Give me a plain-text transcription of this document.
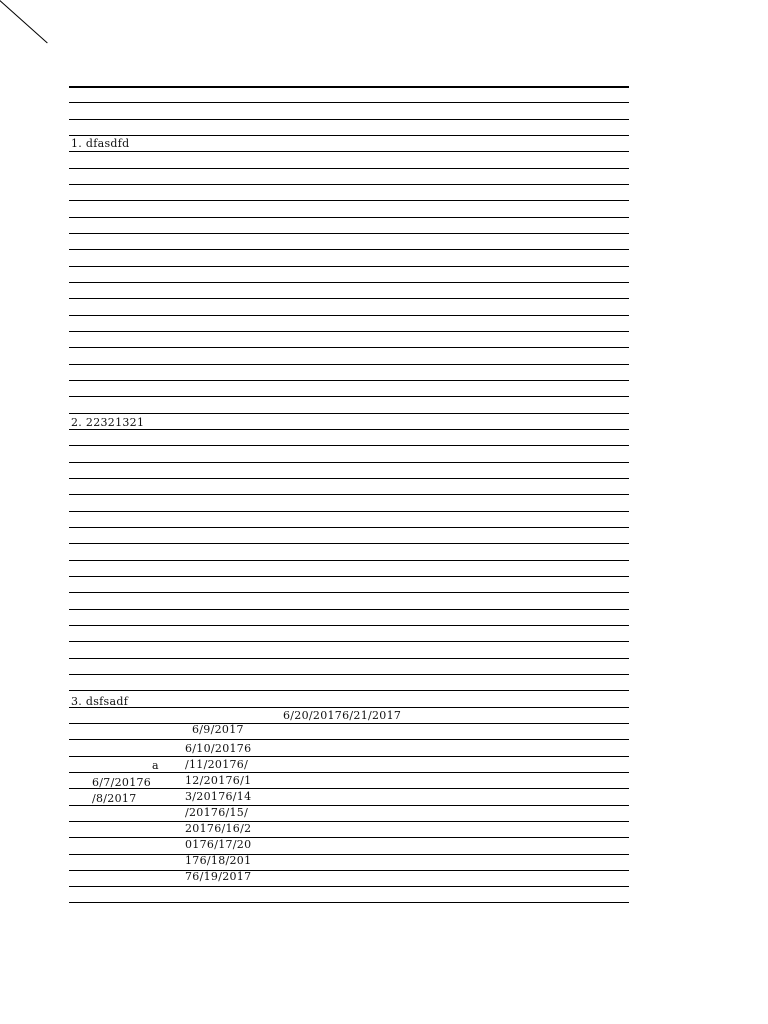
1. dfasdfd
2. 22321321
3. dsfsadf
6/20/20176/21/2017
6/9/2017
a
6/7/20176
/8/2017
6/10/20176
/11/20176/
12/20176/1
3/20176/14
/20176/15/
20176/16/2
0176/17/20
176/18/201
76/19/2017
